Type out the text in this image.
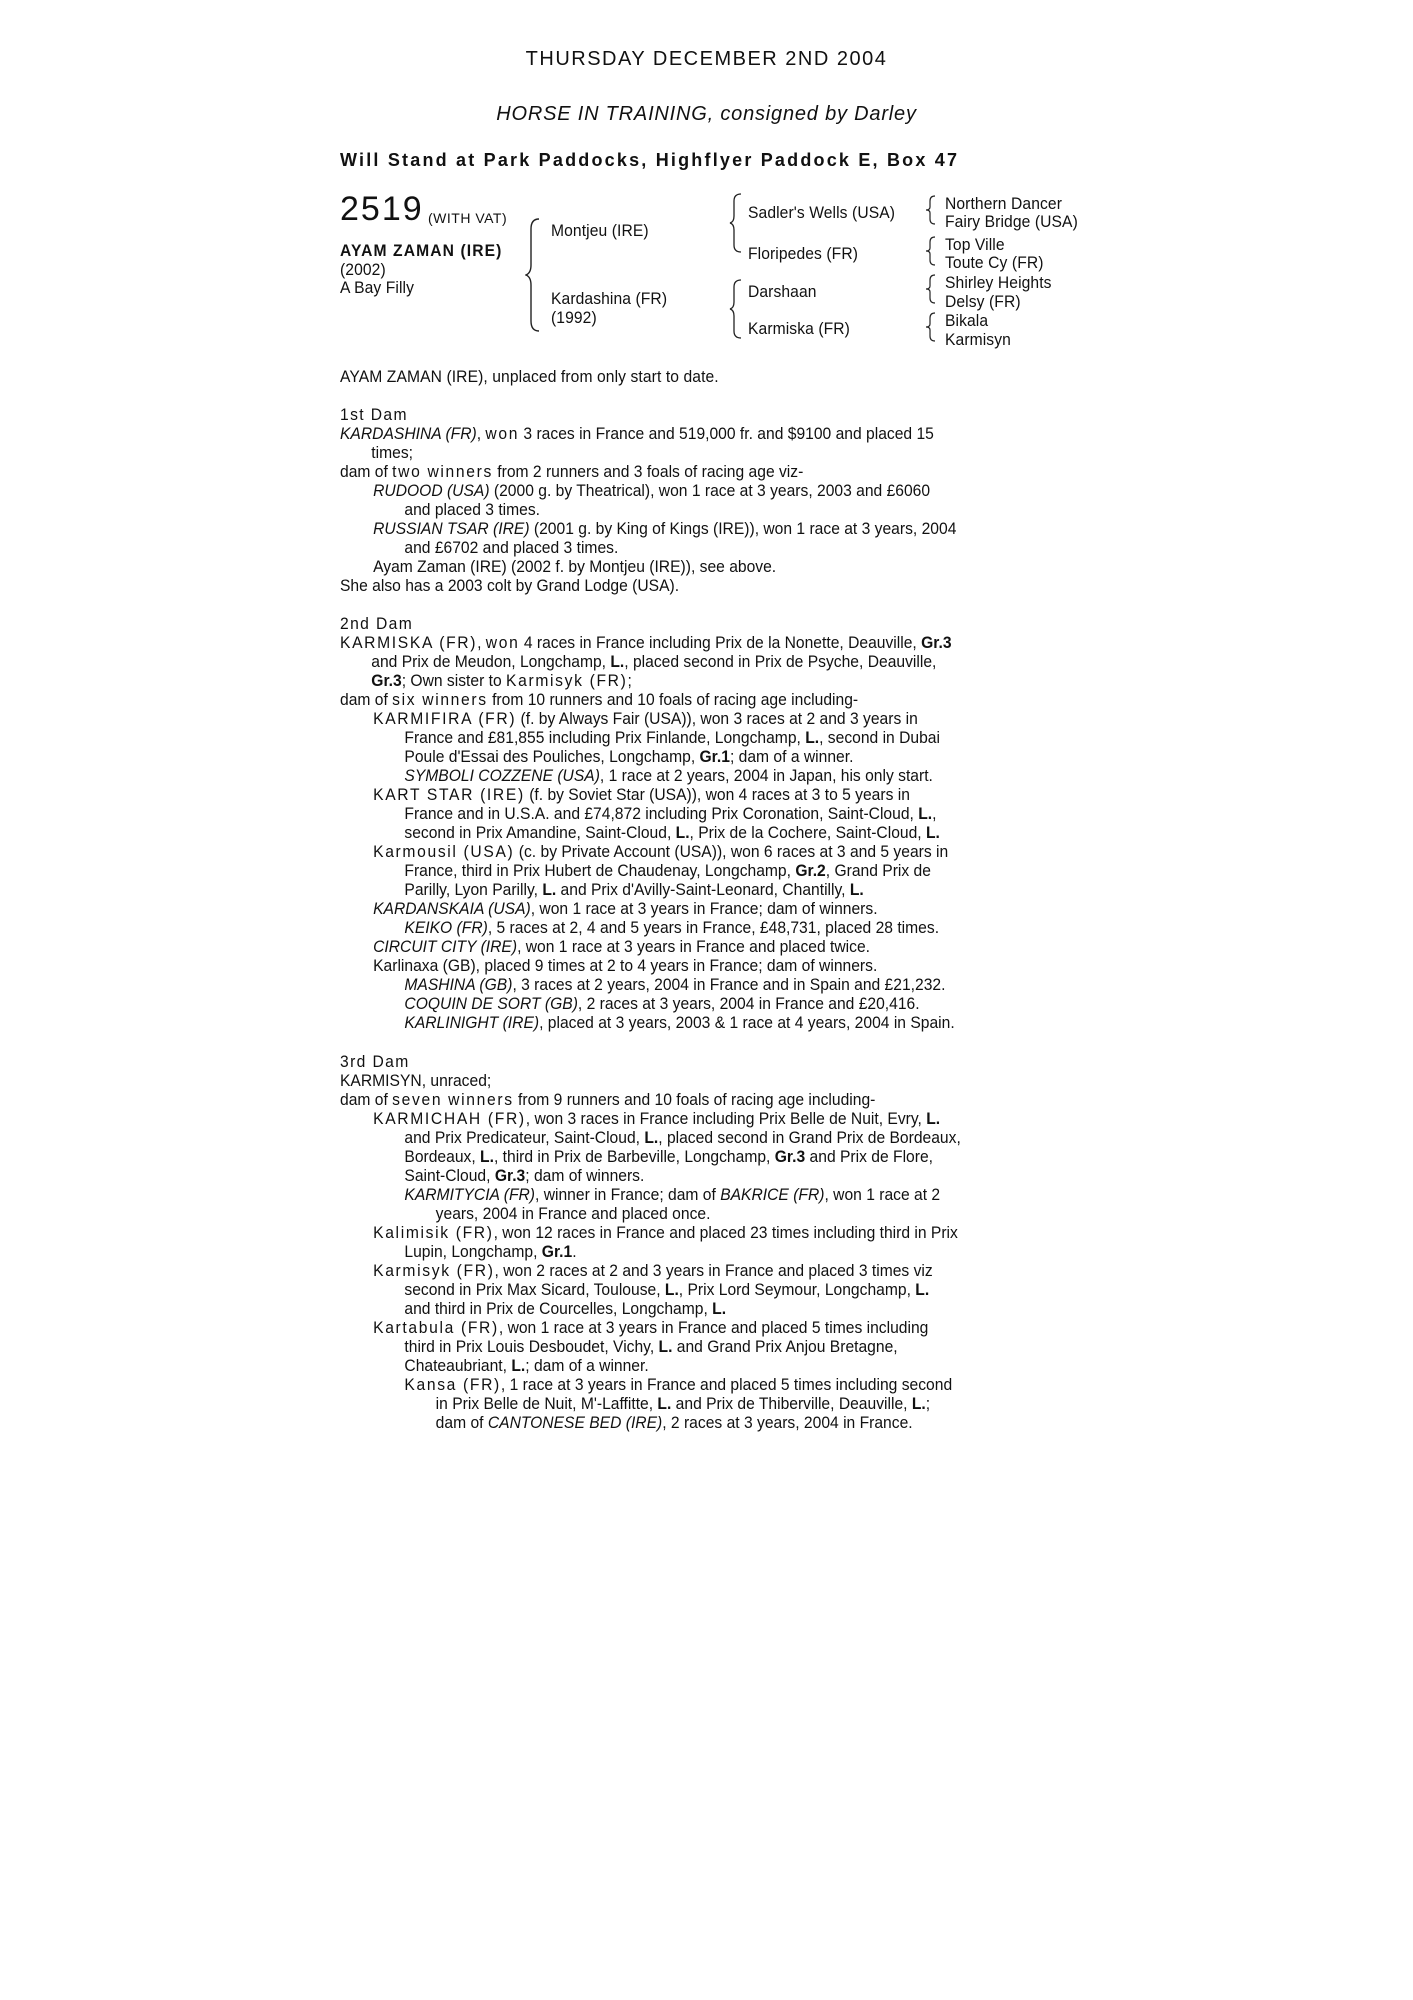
THURSDAY DECEMBER 2ND 2004
HORSE IN TRAINING, consigned by Darley
Will Stand at Park Paddocks, Highflyer Paddock E, Box 47
2519 (WITH VAT)
AYAM ZAMAN (IRE)
(2002)
A Bay Filly
Montjeu (IRE)
Kardashina (FR)
(1992)
Sadler's Wells (USA)
Floripedes (FR)
Darshaan
Karmiska (FR)
Northern Dancer
Fairy Bridge (USA)
Top Ville
Toute Cy (FR)
Shirley Heights
Delsy (FR)
Bikala
Karmisyn
AYAM ZAMAN (IRE), unplaced from only start to date.
1st Dam
KARDASHINA (FR), won 3 races in France and 519,000 fr. and $9100 and placed 15
times;
dam of two winners from 2 runners and 3 foals of racing age viz-
RUDOOD (USA) (2000 g. by Theatrical), won 1 race at 3 years, 2003 and £6060
and placed 3 times.
RUSSIAN TSAR (IRE) (2001 g. by King of Kings (IRE)), won 1 race at 3 years, 2004
and £6702 and placed 3 times.
Ayam Zaman (IRE) (2002 f. by Montjeu (IRE)), see above.
She also has a 2003 colt by Grand Lodge (USA).
2nd Dam
KARMISKA (FR), won 4 races in France including Prix de la Nonette, Deauville, Gr.3
and Prix de Meudon, Longchamp, L., placed second in Prix de Psyche, Deauville,
Gr.3; Own sister to Karmisyk (FR);
dam of six winners from 10 runners and 10 foals of racing age including-
KARMIFIRA (FR) (f. by Always Fair (USA)), won 3 races at 2 and 3 years in
France and £81,855 including Prix Finlande, Longchamp, L., second in Dubai
Poule d'Essai des Pouliches, Longchamp, Gr.1; dam of a winner.
SYMBOLI COZZENE (USA), 1 race at 2 years, 2004 in Japan, his only start.
KART STAR (IRE) (f. by Soviet Star (USA)), won 4 races at 3 to 5 years in
France and in U.S.A. and £74,872 including Prix Coronation, Saint-Cloud, L.,
second in Prix Amandine, Saint-Cloud, L., Prix de la Cochere, Saint-Cloud, L.
Karmousil (USA) (c. by Private Account (USA)), won 6 races at 3 and 5 years in
France, third in Prix Hubert de Chaudenay, Longchamp, Gr.2, Grand Prix de
Parilly, Lyon Parilly, L. and Prix d'Avilly-Saint-Leonard, Chantilly, L.
KARDANSKAIA (USA), won 1 race at 3 years in France; dam of winners.
KEIKO (FR), 5 races at 2, 4 and 5 years in France, £48,731, placed 28 times.
CIRCUIT CITY (IRE), won 1 race at 3 years in France and placed twice.
Karlinaxa (GB), placed 9 times at 2 to 4 years in France; dam of winners.
MASHINA (GB), 3 races at 2 years, 2004 in France and in Spain and £21,232.
COQUIN DE SORT (GB), 2 races at 3 years, 2004 in France and £20,416.
KARLINIGHT (IRE), placed at 3 years, 2003 & 1 race at 4 years, 2004 in Spain.
3rd Dam
KARMISYN, unraced;
dam of seven winners from 9 runners and 10 foals of racing age including-
KARMICHAH (FR), won 3 races in France including Prix Belle de Nuit, Evry, L.
and Prix Predicateur, Saint-Cloud, L., placed second in Grand Prix de Bordeaux,
Bordeaux, L., third in Prix de Barbeville, Longchamp, Gr.3 and Prix de Flore,
Saint-Cloud, Gr.3; dam of winners.
KARMITYCIA (FR), winner in France; dam of BAKRICE (FR), won 1 race at 2
years, 2004 in France and placed once.
Kalimisik (FR), won 12 races in France and placed 23 times including third in Prix
Lupin, Longchamp, Gr.1.
Karmisyk (FR), won 2 races at 2 and 3 years in France and placed 3 times viz
second in Prix Max Sicard, Toulouse, L., Prix Lord Seymour, Longchamp, L.
and third in Prix de Courcelles, Longchamp, L.
Kartabula (FR), won 1 race at 3 years in France and placed 5 times including
third in Prix Louis Desboudet, Vichy, L. and Grand Prix Anjou Bretagne,
Chateaubriant, L.; dam of a winner.
Kansa (FR), 1 race at 3 years in France and placed 5 times including second
in Prix Belle de Nuit, M'-Laffitte, L. and Prix de Thiberville, Deauville, L.;
dam of CANTONESE BED (IRE), 2 races at 3 years, 2004 in France.
